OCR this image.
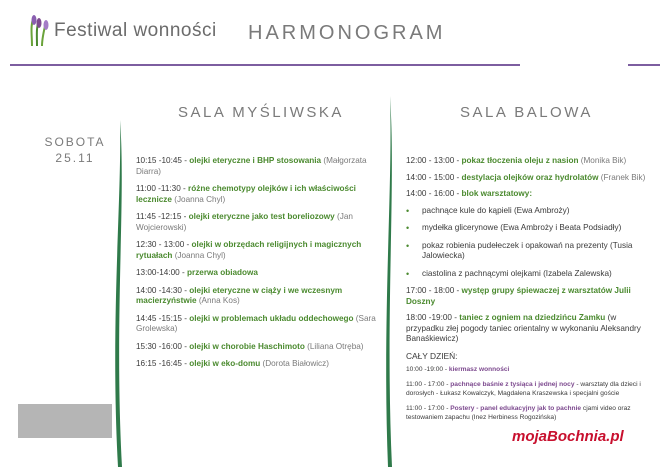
Festiwal wonności HARMONOGRAM
SOBOTA
25.11
SALA MYŚLIWSKA	SALA BALOWA
10:15 -10:45 - olejki eteryczne i BHP stosowania (Małgorzata Diarra)
11:00 -11:30 - różne chemotypy olejków i ich właściwości lecznicze (Joanna Chyl)
11:45 -12:15 - olejki eteryczne jako test boreliozowy (Jan Wojcierowski)
12:30 - 13:00 - olejki w obrzędach religijnych i magicznych rytuałach (Joanna Chyl)
13:00-14:00 - przerwa obiadowa
14:00 -14:30 - olejki eteryczne w ciąży i we wczesnym macierzyństwie (Anna Kos)
14:45 -15:15 - olejki w problemach układu oddechowego (Sara Grolewska)
15:30 -16:00 - olejki w chorobie Haschimoto (Liliana Otręba)
16:15 -16:45 - olejki w eko-domu (Dorota Białowicz)
12:00 - 13:00 - pokaz tłoczenia oleju z nasion (Monika Bik)
14:00 - 15:00 - destylacja olejków oraz hydrolatów (Franek Bik)
14:00 - 16:00 - blok warsztatowy:
• pachnące kule do kąpieli (Ewa Ambroży)
• mydełka glicerynowe (Ewa Ambroży i Beata Podsiadły)
• pokaz robienia pudełeczek i opakowań na prezenty (Tusia Jalowiecka)
• ciastolina z pachnącymi olejkami (Izabela Zalewska)
17:00 - 18:00 - występ grupy śpiewaczej z warsztatów Julii Doszny
18:00 -19:00 - taniec z ogniem na dziedzińcu Zamku (w przypadku złej pogody taniec orientalny w wykonaniu Aleksandry Banaśkiewicz)
CAŁY DZIEŃ:
10:00 -19:00 - kiermasz wonności
11:00 - 17:00 - pachnące baśnie z tysiąca i jednej nocy - warsztaty dla dzieci i dorosłych - Łukasz Kowalczyk, Magdalena Kraszewska i specjalni goście
11:00 - 17:00 - Postery - panel edukacyjny jak to pachnie cjami video oraz testowaniem zapachu (Inez Herbiness Rogozińska)
mojaBochnia.pl
